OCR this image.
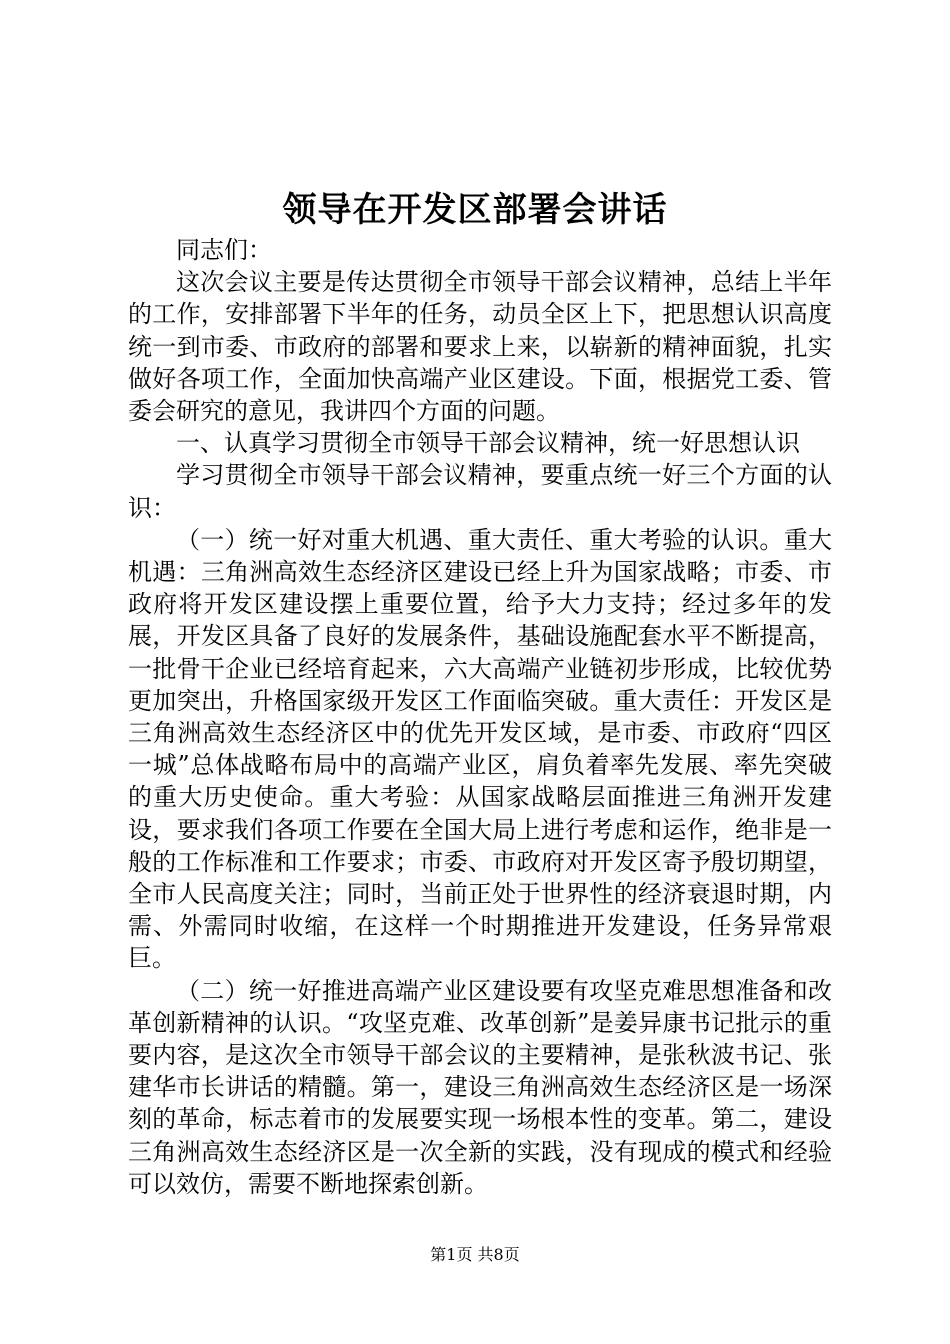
领导在开发区部署会讲话

同志们：

这次会议主要是传达贯彻全市领导干部会议精神，总结上半年的工作，安排部署下半年的任务，动员全区上下，把思想认识高度统一到市委、市政府的部署和要求上来，以崭新的精神面貌，扎实做好各项工作，全面加快高端产业区建设。下面，根据党工委、管委会研究的意见，我讲四个方面的问题。

一、认真学习贯彻全市领导干部会议精神，统一好思想认识

学习贯彻全市领导干部会议精神，要重点统一好三个方面的认识：

（一）统一好对重大机遇、重大责任、重大考验的认识。重大机遇：三角洲高效生态经济区建设已经上升为国家战略；市委、市政府将开发区建设摆上重要位置，给予大力支持；经过多年的发展，开发区具备了良好的发展条件，基础设施配套水平不断提高，一批骨干企业已经培育起来，六大高端产业链初步形成，比较优势更加突出，升格国家级开发区工作面临突破。重大责任：开发区是三角洲高效生态经济区中的优先开发区域，是市委、市政府“四区一城”总体战略布局中的高端产业区，肩负着率先发展、率先突破的重大历史使命。重大考验：从国家战略层面推进三角洲开发建设，要求我们各项工作要在全国大局上进行考虑和运作，绝非是一般的工作标准和工作要求；市委、市政府对开发区寄予殷切期望，全市人民高度关注；同时，当前正处于世界性的经济衰退时期，内需、外需同时收缩，在这样一个时期推进开发建设，任务异常艰巨。

（二）统一好推进高端产业区建设要有攻坚克难思想准备和改革创新精神的认识。“攻坚克难、改革创新”是姜异康书记批示的重要内容，是这次全市领导干部会议的主要精神，是张秋波书记、张建华市长讲话的精髓。第一，建设三角洲高效生态经济区是一场深刻的革命，标志着市的发展要实现一场根本性的变革。第二，建设三角洲高效生态经济区是一次全新的实践，没有现成的模式和经验可以效仿，需要不断地探索创新。

第1页 共8页
